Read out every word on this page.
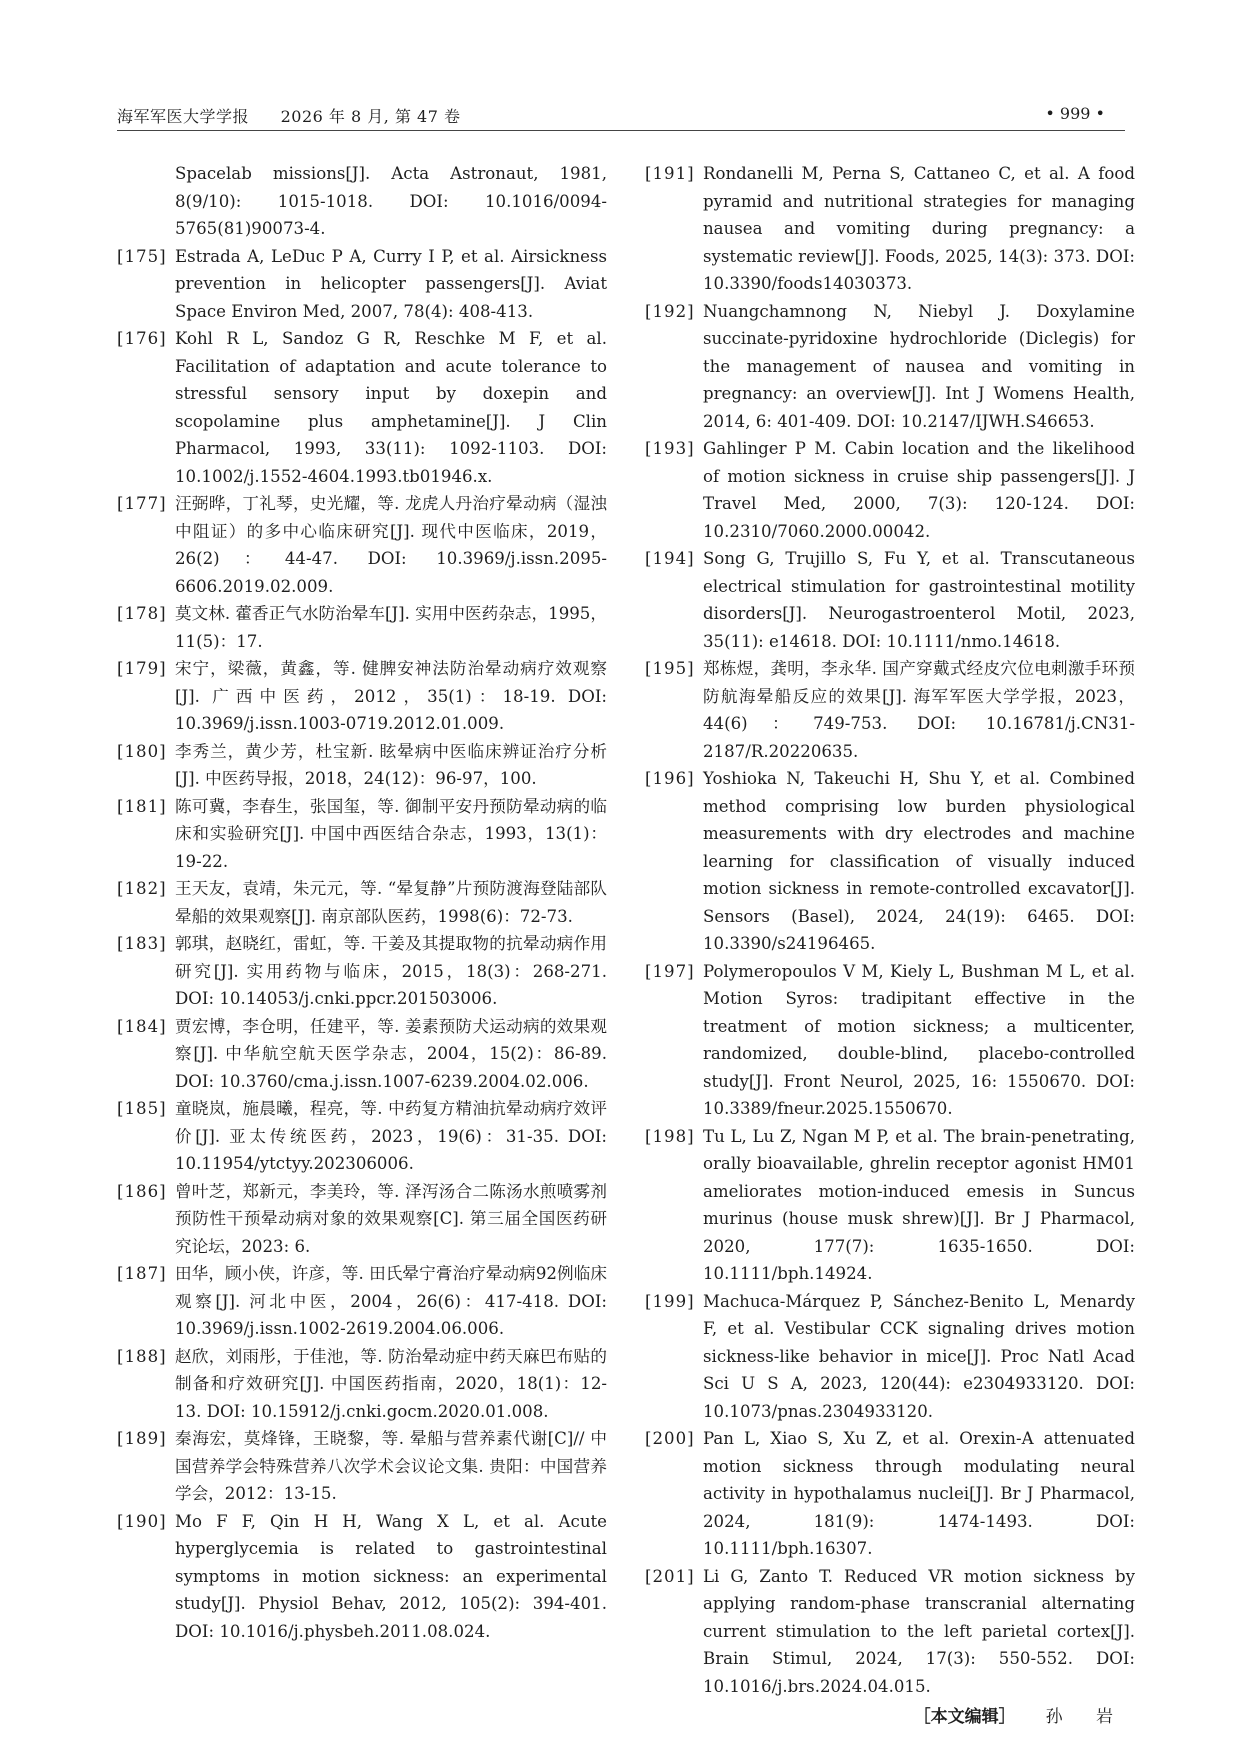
海军军医大学学报 2026 年 8 月, 第 47 卷	• 999 •

Spacelab missions[J]. Acta Astronaut, 1981, 8(9/10): 1015-1018. DOI: 10.1016/0094-5765(81)90073-4.

[175] Estrada A, LeDuc P A, Curry I P, et al. Airsickness prevention in helicopter passengers[J]. Aviat Space Environ Med, 2007, 78(4): 408-413.

[176] Kohl R L, Sandoz G R, Reschke M F, et al. Facilitation of adaptation and acute tolerance to stressful sensory input by doxepin and scopolamine plus amphetamine[J]. J Clin Pharmacol, 1993, 33(11): 1092-1103. DOI: 10.1002/j.1552-4604.1993.tb01946.x.

[177] 汪弼晔，丁礼琴，史光耀，等. 龙虎人丹治疗晕动病（湿浊中阻证）的多中心临床研究[J]. 现代中医临床，2019，26(2)：44-47. DOI: 10.3969/j.issn.2095-6606.2019.02.009.

[178] 莫文林. 藿香正气水防治晕车[J]. 实用中医药杂志，1995，11(5)：17.

[179] 宋宁，梁薇，黄鑫，等. 健脾安神法防治晕动病疗效观察[J]. 广西中医药，2012，35(1)：18-19. DOI: 10.3969/j.issn.1003-0719.2012.01.009.

[180] 李秀兰，黄少芳，杜宝新. 眩晕病中医临床辨证治疗分析[J]. 中医药导报，2018，24(12)：96-97，100.

[181] 陈可冀，李春生，张国玺，等. 御制平安丹预防晕动病的临床和实验研究[J]. 中国中西医结合杂志，1993，13(1)：19-22.

[182] 王天友，袁靖，朱元元，等. “晕复静”片预防渡海登陆部队晕船的效果观察[J]. 南京部队医药，1998(6)：72-73.

[183] 郭琪，赵晓红，雷虹，等. 干姜及其提取物的抗晕动病作用研究[J]. 实用药物与临床，2015，18(3)：268-271. DOI: 10.14053/j.cnki.ppcr.201503006.

[184] 贾宏博，李仓明，任建平，等. 姜素预防犬运动病的效果观察[J]. 中华航空航天医学杂志，2004，15(2)：86-89. DOI: 10.3760/cma.j.issn.1007-6239.2004.02.006.

[185] 童晓岚，施晨曦，程亮，等. 中药复方精油抗晕动病疗效评价[J]. 亚太传统医药，2023，19(6)：31-35. DOI: 10.11954/ytctyy.202306006.

[186] 曾叶芝，郑新元，李美玲，等. 泽泻汤合二陈汤水煎喷雾剂预防性干预晕动病对象的效果观察[C]. 第三届全国医药研究论坛，2023: 6.

[187] 田华，顾小侠，许彦，等. 田氏晕宁膏治疗晕动病92例临床观察[J]. 河北中医，2004，26(6)：417-418. DOI: 10.3969/j.issn.1002-2619.2004.06.006.

[188] 赵欣，刘雨彤，于佳池，等. 防治晕动症中药天麻巴布贴的制备和疗效研究[J]. 中国医药指南，2020，18(1)：12-13. DOI: 10.15912/j.cnki.gocm.2020.01.008.

[189] 秦海宏，莫烽锋，王晓黎，等. 晕船与营养素代谢[C]// 中国营养学会特殊营养八次学术会议论文集. 贵阳：中国营养学会，2012：13-15.

[190] Mo F F, Qin H H, Wang X L, et al. Acute hyperglycemia is related to gastrointestinal symptoms in motion sickness: an experimental study[J]. Physiol Behav, 2012, 105(2): 394-401. DOI: 10.1016/j.physbeh.2011.08.024.

[191] Rondanelli M, Perna S, Cattaneo C, et al. A food pyramid and nutritional strategies for managing nausea and vomiting during pregnancy: a systematic review[J]. Foods, 2025, 14(3): 373. DOI: 10.3390/foods14030373.

[192] Nuangchamnong N, Niebyl J. Doxylamine succinate-pyridoxine hydrochloride (Diclegis) for the management of nausea and vomiting in pregnancy: an overview[J]. Int J Womens Health, 2014, 6: 401-409. DOI: 10.2147/IJWH.S46653.

[193] Gahlinger P M. Cabin location and the likelihood of motion sickness in cruise ship passengers[J]. J Travel Med, 2000, 7(3): 120-124. DOI: 10.2310/7060.2000.00042.

[194] Song G, Trujillo S, Fu Y, et al. Transcutaneous electrical stimulation for gastrointestinal motility disorders[J]. Neurogastroenterol Motil, 2023, 35(11): e14618. DOI: 10.1111/nmo.14618.

[195] 郑栋煜，龚明，李永华. 国产穿戴式经皮穴位电刺激手环预防航海晕船反应的效果[J]. 海军军医大学学报，2023，44(6)：749-753. DOI: 10.16781/j.CN31-2187/R.20220635.

[196] Yoshioka N, Takeuchi H, Shu Y, et al. Combined method comprising low burden physiological measurements with dry electrodes and machine learning for classification of visually induced motion sickness in remote-controlled excavator[J]. Sensors (Basel), 2024, 24(19): 6465. DOI: 10.3390/s24196465.

[197] Polymeropoulos V M, Kiely L, Bushman M L, et al. Motion Syros: tradipitant effective in the treatment of motion sickness; a multicenter, randomized, double-blind, placebo-controlled study[J]. Front Neurol, 2025, 16: 1550670. DOI: 10.3389/fneur.2025.1550670.

[198] Tu L, Lu Z, Ngan M P, et al. The brain-penetrating, orally bioavailable, ghrelin receptor agonist HM01 ameliorates motion-induced emesis in Suncus murinus (house musk shrew)[J]. Br J Pharmacol, 2020, 177(7): 1635-1650. DOI: 10.1111/bph.14924.

[199] Machuca-Márquez P, Sánchez-Benito L, Menardy F, et al. Vestibular CCK signaling drives motion sickness-like behavior in mice[J]. Proc Natl Acad Sci U S A, 2023, 120(44): e2304933120. DOI: 10.1073/pnas.2304933120.

[200] Pan L, Xiao S, Xu Z, et al. Orexin-A attenuated motion sickness through modulating neural activity in hypothalamus nuclei[J]. Br J Pharmacol, 2024, 181(9): 1474-1493. DOI: 10.1111/bph.16307.

[201] Li G, Zanto T. Reduced VR motion sickness by applying random-phase transcranial alternating current stimulation to the left parietal cortex[J]. Brain Stimul, 2024, 17(3): 550-552. DOI: 10.1016/j.brs.2024.04.015.

［本文编辑］ 孙 岩
